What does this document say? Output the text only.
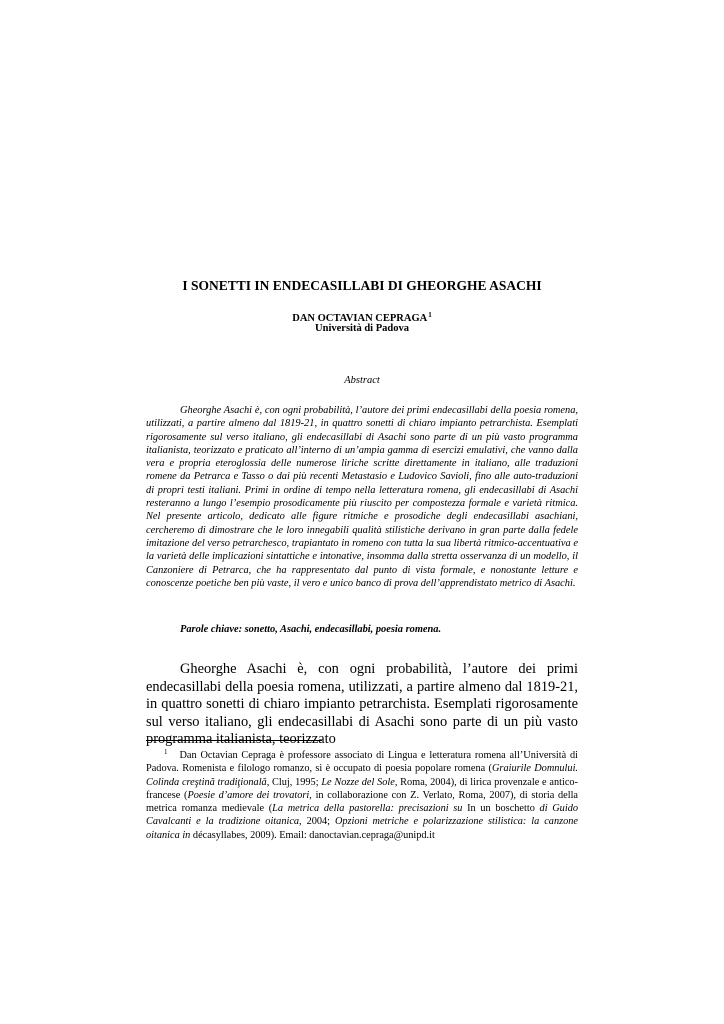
I SONETTI IN ENDECASILLABI DI GHEORGHE ASACHI
DAN OCTAVIAN CEPRAGA$^1$
Università di Padova
Abstract

Gheorghe Asachi è, con ogni probabilità, l’autore dei primi endecasillabi della poesia romena, utilizzati, a partire almeno dal 1819-21, in quattro sonetti di chiaro impianto petrarchista. Esemplati rigorosamente sul verso italiano, gli endecasillabi di Asachi sono parte di un più vasto programma italianista, teorizzato e praticato all’interno di un’ampia gamma di esercizi emulativi, che vanno dalla vera e propria eteroglossia delle numerose liriche scritte direttamente in italiano, alle traduzioni romene da Petrarca e Tasso o dai più recenti Metastasio e Ludovico Savioli, fino alle auto-traduzioni di propri testi italiani. Primi in ordine di tempo nella letteratura romena, gli endecasillabi di Asachi resteranno a lungo l’esempio prosodicamente più riuscito per compostezza formale e varietà ritmica. Nel presente articolo, dedicato alle figure ritmiche e prosodiche degli endecasillabi asachiani, cercheremo di dimostrare che le loro innegabili qualità stilistiche derivano in gran parte dalla fedele imitazione del verso petrarchesco, trapiantato in romeno con tutta la sua libertà ritmico-accentuativa e la varietà delle implicazioni sintattiche e intonative, insomma dalla stretta osservanza di un modello, il Canzoniere di Petrarca, che ha rappresentato dal punto di vista formale, e nonostante letture e conoscenze poetiche ben più vaste, il vero e unico banco di prova dell’apprendistato metrico di Asachi.

Parole chiave: sonetto, Asachi, endecasillabi, poesia romena.

Gheorghe Asachi è, con ogni probabilità, l’autore dei primi endecasillabi della poesia romena, utilizzati, a partire almeno dal 1819-21, in quattro sonetti di chiaro impianto petrarchista. Esemplati rigorosamente sul verso italiano, gli endecasillabi di Asachi sono parte di un più vasto programma italianista, teorizzato

$^1$ Dan Octavian Cepraga è professore associato di Lingua e letteratura romena all’Università di Padova. Romenista e filologo romanzo, si è occupato di poesia popolare romena (Graiurile Domnului. Colinda creştină tradiţională, Cluj, 1995; Le Nozze del Sole, Roma, 2004), di lirica provenzale e antico-francese (Poesie d’amore dei trovatori, in collaborazione con Z. Verlato, Roma, 2007), di storia della metrica romanza medievale (La metrica della pastorella: precisazioni su In un boschetto di Guido Cavalcanti e la tradizione oitanica, 2004; Opzioni metriche e polarizzazione stilistica: la canzone oitanica in décasyllabes, 2009). Email: danoctavian.cepraga@unipd.it
